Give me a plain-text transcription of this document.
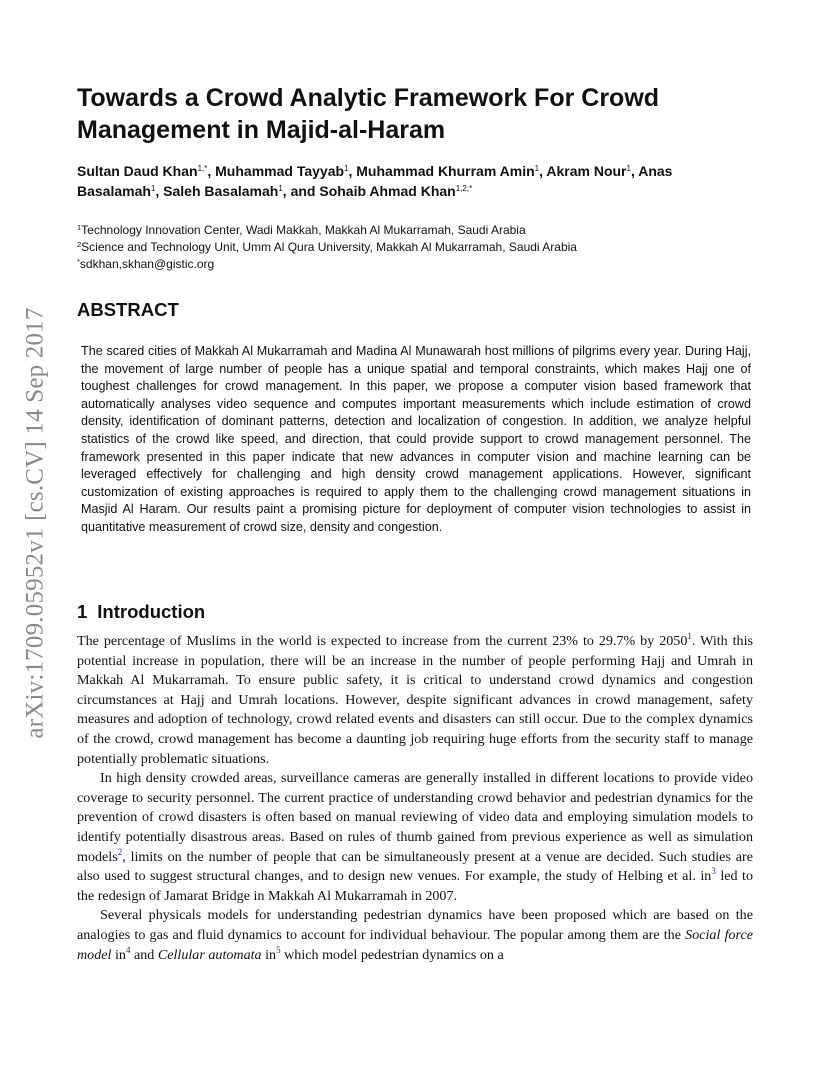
arXiv:1709.05952v1 [cs.CV] 14 Sep 2017
Towards a Crowd Analytic Framework For Crowd Management in Majid-al-Haram

Sultan Daud Khan$^{1,*}$, Muhammad Tayyab$^1$, Muhammad Khurram Amin$^1$, Akram Nour$^1$, Anas Basalamah$^1$, Saleh Basalamah$^1$, and Sohaib Ahmad Khan$^{1,2,*}$

$^1$Technology Innovation Center, Wadi Makkah, Makkah Al Mukarramah, Saudi Arabia
$^2$Science and Technology Unit, Umm Al Qura University, Makkah Al Mukarramah, Saudi Arabia
*sdkhan,skhan@gistic.org
ABSTRACT

The scared cities of Makkah Al Mukarramah and Madina Al Munawarah host millions of pilgrims every year. During Hajj, the movement of large number of people has a unique spatial and temporal constraints, which makes Hajj one of toughest challenges for crowd management. In this paper, we propose a computer vision based framework that automatically analyses video sequence and computes important measurements which include estimation of crowd density, identification of dominant patterns, detection and localization of congestion. In addition, we analyze helpful statistics of the crowd like speed, and direction, that could provide support to crowd management personnel. The framework presented in this paper indicate that new advances in computer vision and machine learning can be leveraged effectively for challenging and high density crowd management applications. However, significant customization of existing approaches is required to apply them to the challenging crowd management situations in Masjid Al Haram. Our results paint a promising picture for deployment of computer vision technologies to assist in quantitative measurement of crowd size, density and congestion.

1 Introduction

The percentage of Muslims in the world is expected to increase from the current 23% to 29.7% by 2050$^1$. With this potential increase in population, there will be an increase in the number of people performing Hajj and Umrah in Makkah Al Mukarramah. To ensure public safety, it is critical to understand crowd dynamics and congestion circumstances at Hajj and Umrah locations. However, despite significant advances in crowd management, safety measures and adoption of technology, crowd related events and disasters can still occur. Due to the complex dynamics of the crowd, crowd management has become a daunting job requiring huge efforts from the security staff to manage potentially problematic situations.

In high density crowded areas, surveillance cameras are generally installed in different locations to provide video coverage to security personnel. The current practice of understanding crowd behavior and pedestrian dynamics for the prevention of crowd disasters is often based on manual reviewing of video data and employing simulation models to identify potentially disastrous areas. Based on rules of thumb gained from previous experience as well as simulation models$^2$, limits on the number of people that can be simultaneously present at a venue are decided. Such studies are also used to suggest structural changes, and to design new venues. For example, the study of Helbing et al. $in^3$ led to the redesign of Jamarat Bridge in Makkah Al Mukarramah in 2007.

Several physicals models for understanding pedestrian dynamics have been proposed which are based on the analogies to gas and fluid dynamics to account for individual behaviour. The popular among them are the Social force model $in^4$ and Cellular automata $in^5$ which model pedestrian dynamics on a
